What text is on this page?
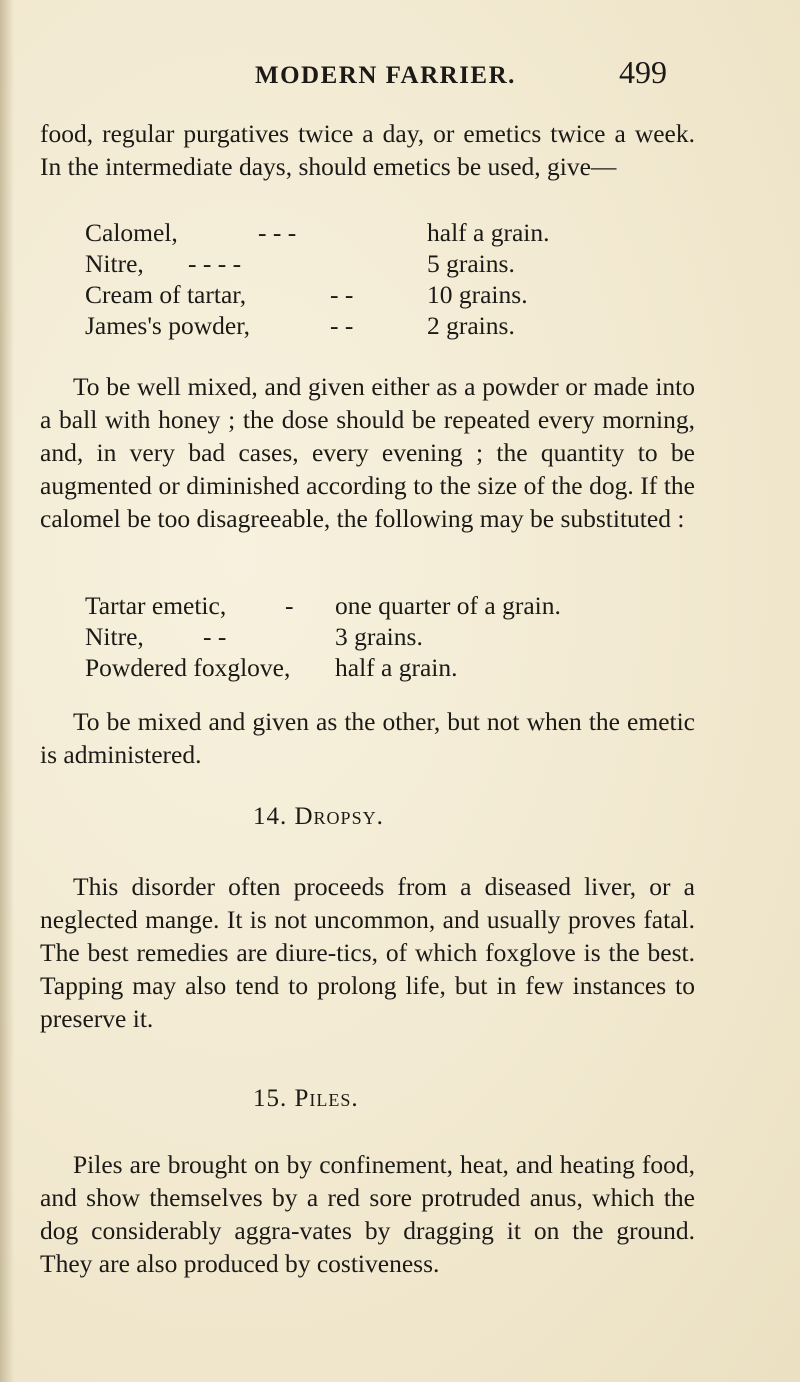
MODERN FARRIER.	499

food, regular purgatives twice a day, or emetics twice a week. In the intermediate days, should emetics be used, give—

Calomel,	- - -	half a grain.
Nitre, - - - -	5 grains.
Cream of tartar,	- -	10 grains.
James's powder,	- -	2 grains.

To be well mixed, and given either as a powder or made into a ball with honey ; the dose should be repeated every morning, and, in very bad cases, every evening ; the quantity to be augmented or diminished according to the size of the dog. If the calomel be too disagreeable, the following may be substituted :

Tartar emetic, - one quarter of a grain.
Nitre, - -	3 grains.
Powdered foxglove, half a grain.

To be mixed and given as the other, but not when the emetic is administered.

14. Dropsy.

This disorder often proceeds from a diseased liver, or a neglected mange. It is not uncommon, and usually proves fatal. The best remedies are diure-tics, of which foxglove is the best. Tapping may also tend to prolong life, but in few instances to preserve it.

15. Piles.

Piles are brought on by confinement, heat, and heating food, and show themselves by a red sore protruded anus, which the dog considerably aggra-vates by dragging it on the ground. They are also produced by costiveness.
